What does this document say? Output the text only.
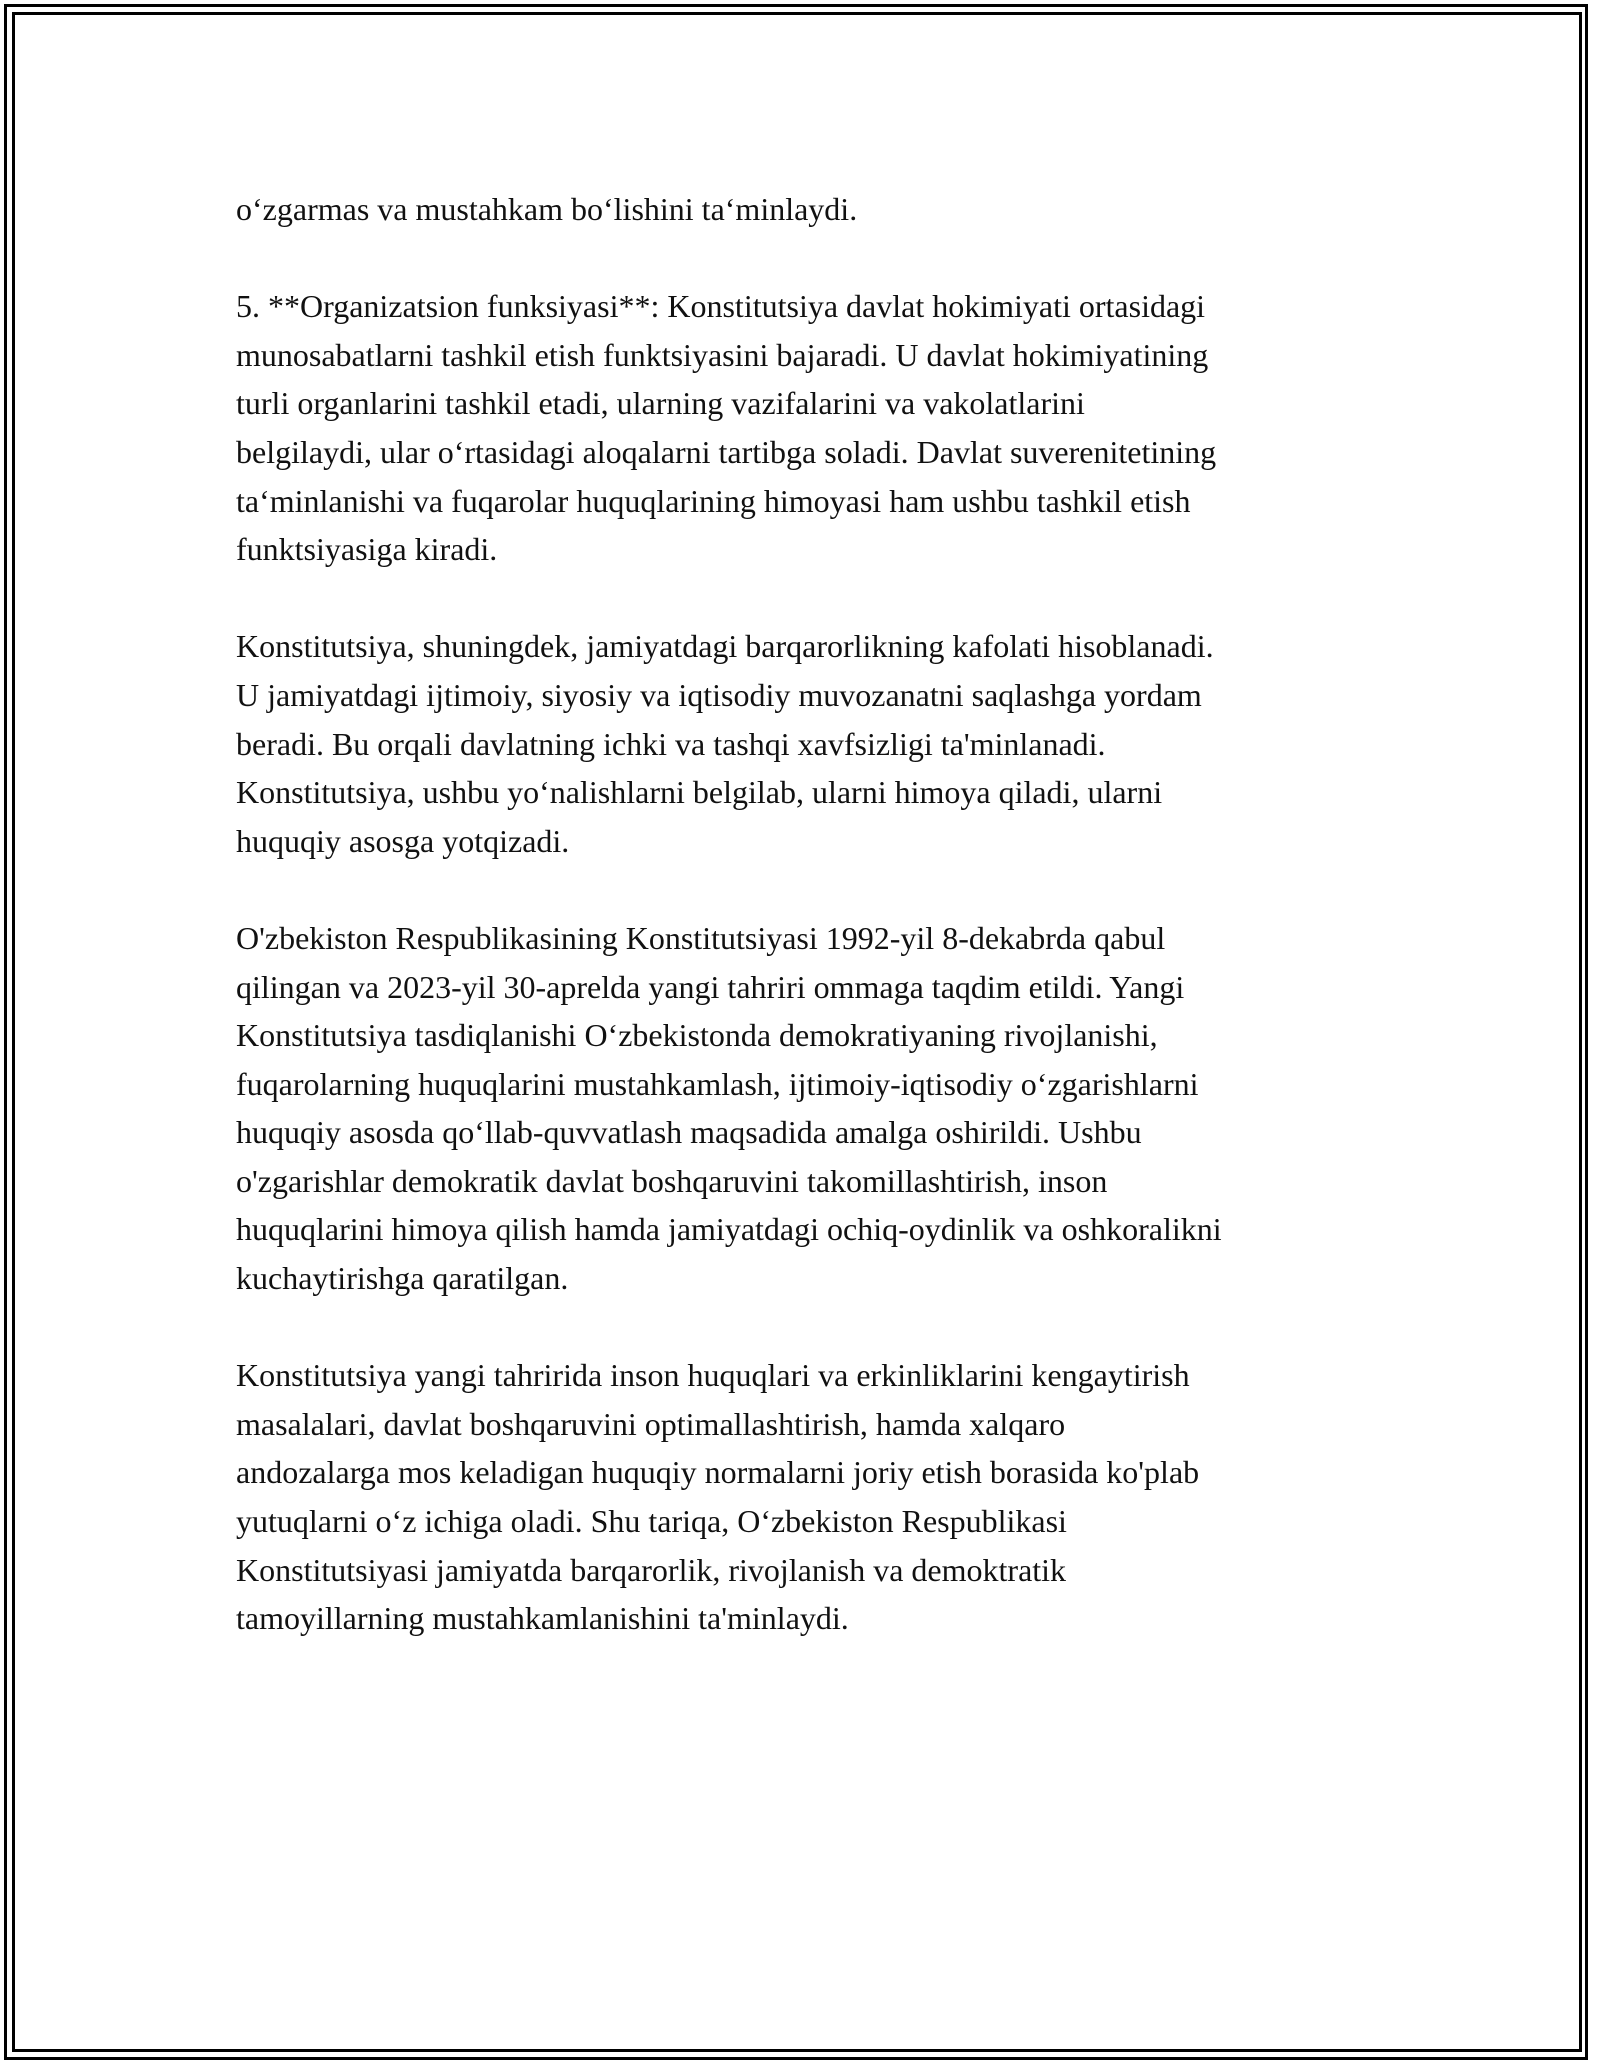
o‘zgarmas va mustahkam bo‘lishini ta‘minlaydi.

5. **Organizatsion funksiyasi**: Konstitutsiya davlat hokimiyati ortasidagi
munosabatlarni tashkil etish funktsiyasini bajaradi. U davlat hokimiyatining
turli organlarini tashkil etadi, ularning vazifalarini va vakolatlarini
belgilaydi, ular o‘rtasidagi aloqalarni tartibga soladi. Davlat suverenitetining
ta‘minlanishi va fuqarolar huquqlarining himoyasi ham ushbu tashkil etish
funktsiyasiga kiradi.

Konstitutsiya, shuningdek, jamiyatdagi barqarorlikning kafolati hisoblanadi.
U jamiyatdagi ijtimoiy, siyosiy va iqtisodiy muvozanatni saqlashga yordam
beradi. Bu orqali davlatning ichki va tashqi xavfsizligi ta'minlanadi.
Konstitutsiya, ushbu yo‘nalishlarni belgilab, ularni himoya qiladi, ularni
huquqiy asosga yotqizadi.

O'zbekiston Respublikasining Konstitutsiyasi 1992-yil 8-dekabrda qabul
qilingan va 2023-yil 30-aprelda yangi tahriri ommaga taqdim etildi. Yangi
Konstitutsiya tasdiqlanishi O‘zbekistonda demokratiyaning rivojlanishi,
fuqarolarning huquqlarini mustahkamlash, ijtimoiy-iqtisodiy o‘zgarishlarni
huquqiy asosda qo‘llab-quvvatlash maqsadida amalga oshirildi. Ushbu
o'zgarishlar demokratik davlat boshqaruvini takomillashtirish, inson
huquqlarini himoya qilish hamda jamiyatdagi ochiq-oydinlik va oshkoralikni
kuchaytirishga qaratilgan.

Konstitutsiya yangi tahririda inson huquqlari va erkinliklarini kengaytirish
masalalari, davlat boshqaruvini optimallashtirish, hamda xalqaro
andozalarga mos keladigan huquqiy normalarni joriy etish borasida ko'plab
yutuqlarni o‘z ichiga oladi. Shu tariqa, O‘zbekiston Respublikasi
Konstitutsiyasi jamiyatda barqarorlik, rivojlanish va demoktratik
tamoyillarning mustahkamlanishini ta'minlaydi.
